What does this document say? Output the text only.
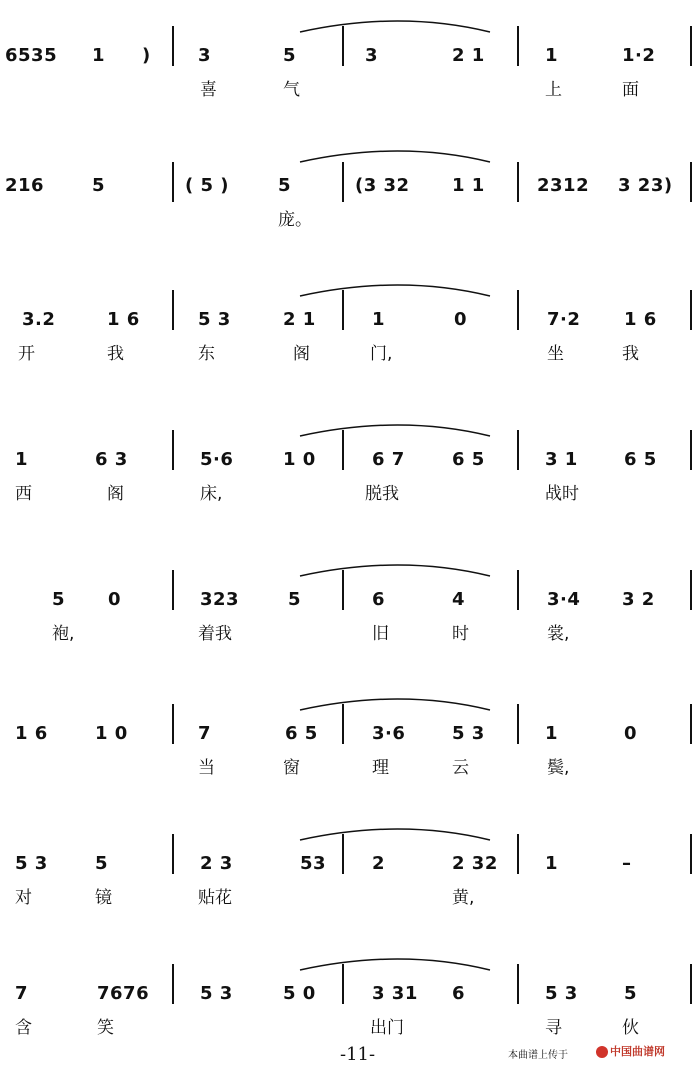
6535 1 )	3	5	3	2 1	1	1·2
喜	气	上	面
216	5	( 5 )	5	(3 32 1 1	2312 3 23)
庞。
3.2	1 6	5 3	2 1	1	0	7·2 1 6
开	我	东	阁	门,	坐	我
1	6 3	5·6	1 0	6 7	6 5	3 1	6 5
西	阁	床,	脱我	战时
5 0	323	5	6	4	3·4 3 2
袍,	着我	旧	时	裳,
1 6	1 0	7	6 5	3·6	5 3	1	0
当	窗	理	云	鬓,
5 3	5	2 3	53	2	2 32	1	–
对	镜	贴花	黄,
7	7676	5 3	5 0	3 31 6	5 3	5
含	笑	出门	寻	伙
-11-	本曲谱上传于	中国曲谱网
